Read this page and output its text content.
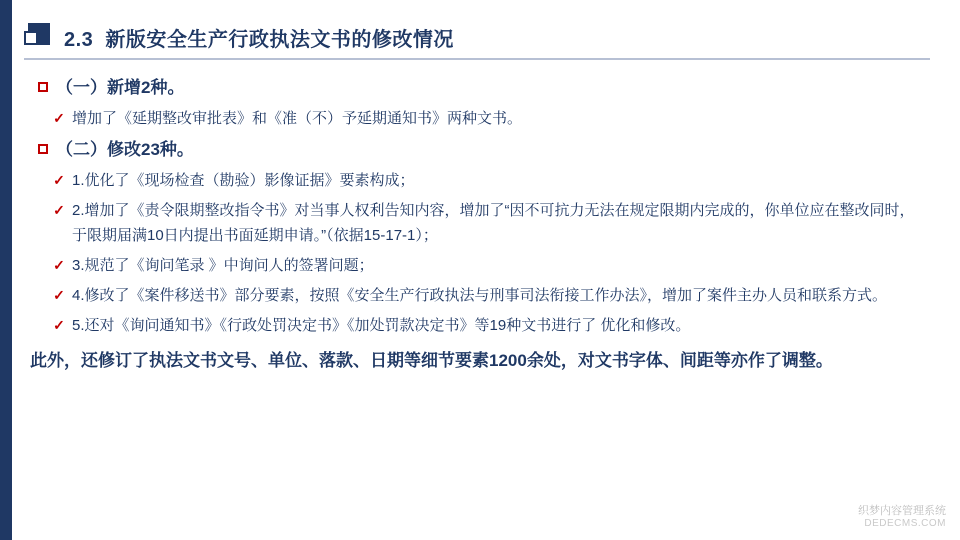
2.3 新版安全生产行政执法文书的修改情况
（一）新增2种。
✓ 增加了《延期整改审批表》和《准（不）予延期通知书》两种文书。
（二）修改23种。
✓ 1.优化了《现场检查（勘验）影像证据》要素构成；
✓ 2.增加了《责令限期整改指令书》对当事人权利告知内容，增加了“因不可抗力无法在规定限期内完成的，你单位应在整改同时，于限期届满10日内提出书面延期申请。”（依据15-17-1）；
✓ 3.规范了《询问笔录 》中询问人的签署问题；
✓ 4.修改了《案件移送书》部分要素，按照《安全生产行政执法与刑事司法衔接工作办法》，增加了案件主办人员和联系方式。
✓ 5.还对《询问通知书》《行政处罚决定书》《加处罚款决定书》等19种文书进行了 优化和修改。
此外，还修订了执法文书文号、单位、落款、日期等细节要素1200余处，对文书字体、间距等亦作了调整。
织梦内容管理系统
DEDECMS.COM
